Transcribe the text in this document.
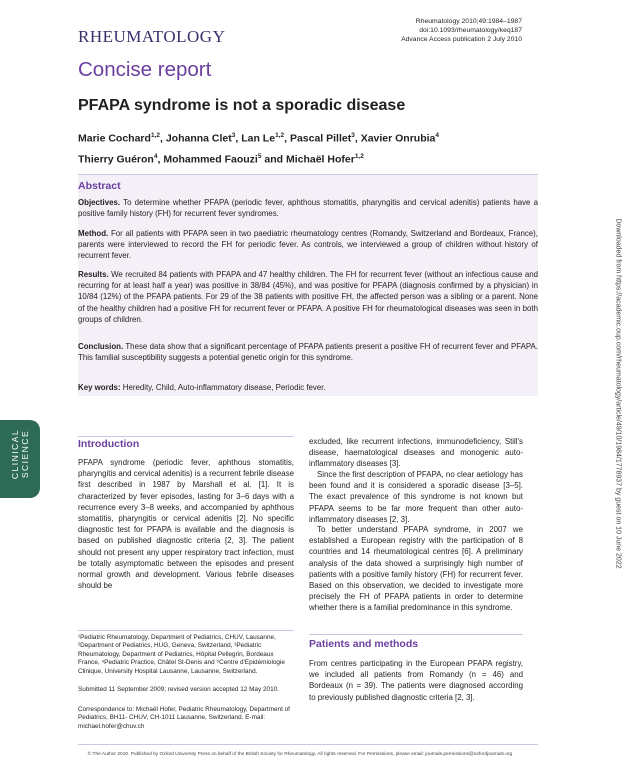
RHEUMATOLOGY
Rheumatology 2010;49:1984–1987
doi:10.1093/rheumatology/keq187
Advance Access publication 2 July 2010
Concise report
PFAPA syndrome is not a sporadic disease
Marie Cochard$^{1,2}$, Johanna Clet$^3$, Lan Le$^{1,2}$, Pascal Pillet$^3$, Xavier Onrubia$^4$
Thierry Guéron$^4$, Mohammed Faouzi$^5$ and Michaël Hofer$^{1,2}$
Abstract
Objectives. To determine whether PFAPA (periodic fever, aphthous stomatitis, pharyngitis and cervical adenitis) patients have a positive family history (FH) for recurrent fever syndromes.
Method. For all patients with PFAPA seen in two paediatric rheumatology centres (Romandy, Switzerland and Bordeaux, France), parents were interviewed to record the FH for periodic fever. As controls, we interviewed a group of children without history of recurrent fever.
Results. We recruited 84 patients with PFAPA and 47 healthy children. The FH for recurrent fever (without an infectious cause and recurring for at least half a year) was positive in 38/84 (45%), and was positive for PFAPA (diagnosis confirmed by a physician) in 10/84 (12%) of the PFAPA patients. For 29 of the 38 patients with positive FH, the affected person was a sibling or a parent. None of the healthy children had a positive FH for recurrent fever or PFAPA. A positive FH for rheumatological diseases was seen in both groups of children.
Conclusion. These data show that a significant percentage of PFAPA patients present a positive FH of recurrent fever and PFAPA. This familial susceptibility suggests a potential genetic origin for this syndrome.
Key words: Heredity, Child, Auto-inflammatory disease, Periodic fever.
CLINICAL SCIENCE	Introduction
PFAPA syndrome (periodic fever, aphthous stomatitis, pharyngitis and cervical adenitis) is a recurrent febrile disease first described in 1987 by Marshall et al. [1]. It is characterized by fever episodes, lasting for 3–6 days with a recurrence every 3–8 weeks, and accompanied by aphthous stomatitis, pharyngitis or cervical adenitis [2]. No specific diagnostic test for PFAPA is available and the diagnosis is based on published diagnostic criteria [2, 3]. The patient should not present any upper respiratory tract infection, must be totally asymptomatic between the episodes and present normal growth and development. Various febrile diseases should be
¹Pediatric Rheumatology, Department of Pediatrics, CHUV, Lausanne, ²Department of Pediatrics, HUG, Geneva, Switzerland, ³Pediatric Rheumatology, Department of Pediatrics, Hôpital Pellegrin, Bordeaux France, ⁴Pediatric Practice, Châtel St-Denis and ⁵Centre d'Epidémiologie Clinique, University Hospital Lausanne, Lausanne, Switzerland.
Submitted 11 September 2009; revised version accepted 12 May 2010.
Correspondence to: Michaël Hofer, Pediatric Rheumatology, Department of Pediatrics, BH11- CHUV, CH-1011 Lausanne, Switzerland. E-mail: michael.hofer@chuv.ch
excluded, like recurrent infections, immunodeficiency, Still's disease, haematological diseases and monogenic auto-inflammatory diseases [3].
Since the first description of PFAPA, no clear aetiology has been found and it is considered a sporadic disease [3–5]. The exact prevalence of this syndrome is not known but PFAPA seems to be far more frequent than other auto-inflammatory diseases [2, 3].
To better understand PFAPA syndrome, in 2007 we established a European registry with the participation of 8 countries and 14 rheumatological centres [6]. A preliminary analysis of the data showed a surprisingly high number of patients with a positive family history (FH) for recurrent fever. Based on this observation, we decided to investigate more precisely the FH of PFAPA patients in order to determine whether there is a familial predominance in this syndrome.
Patients and methods
From centres participating in the European PFAPA registry, we included all patients from Romandy (n = 46) and Bordeaux (n = 39). The patients were diagnosed according to previously published diagnostic criteria [2, 3].
Downloaded from https://academic.oup.com/rheumatology/article/49/10/1984/1778937 by guest on 10 June 2022
© The Author 2010. Published by Oxford University Press on behalf of the British Society for Rheumatology. All rights reserved. For Permissions, please email: journals.permissions@oxfordjournals.org
